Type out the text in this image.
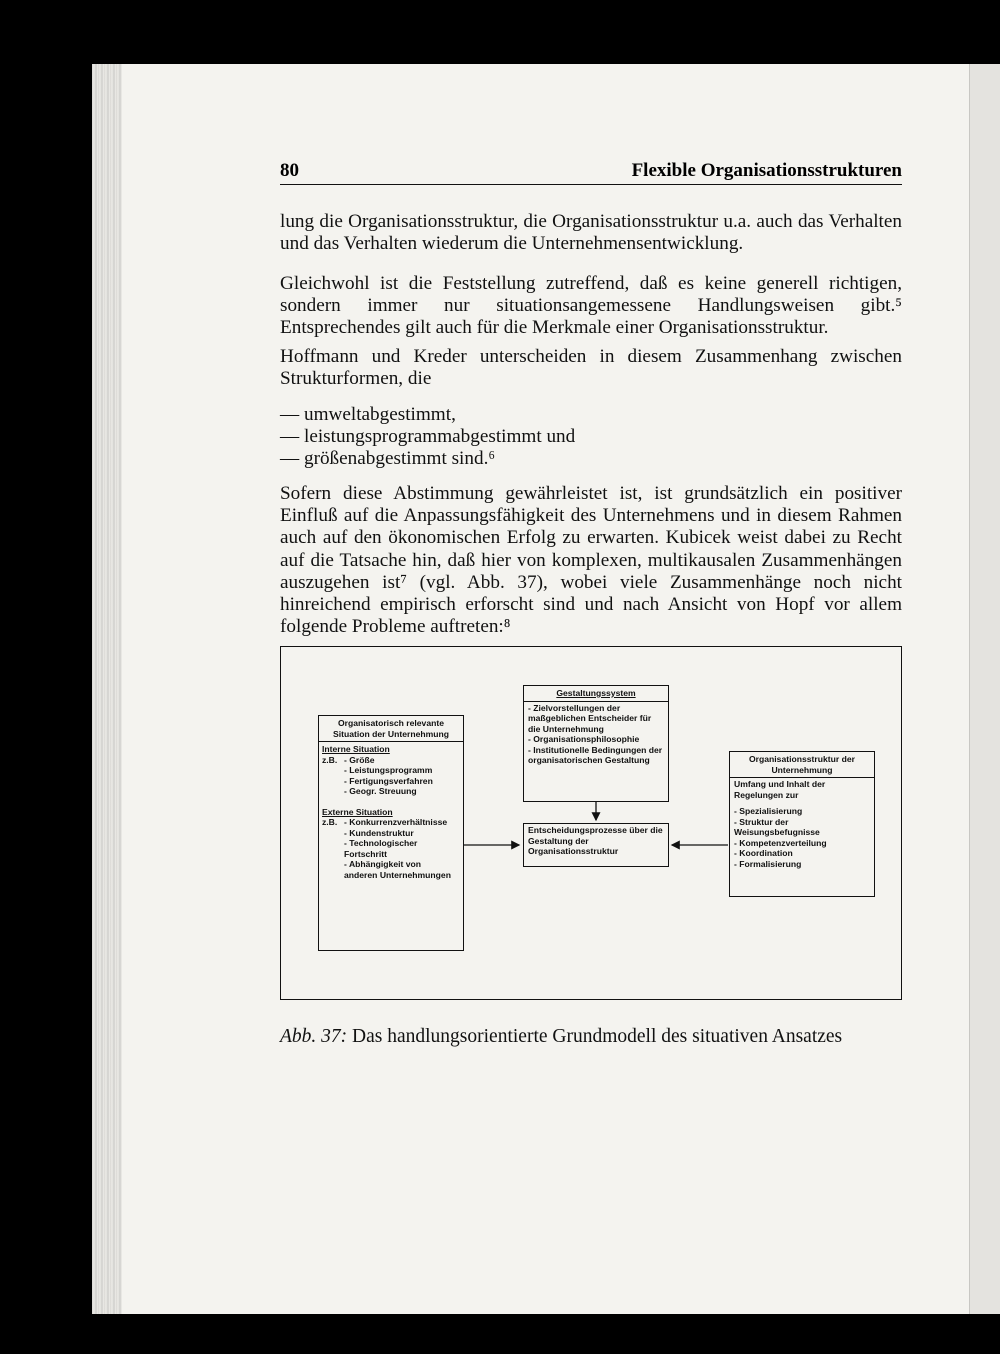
80	Flexible Organisationsstrukturen

lung die Organisationsstruktur, die Organisationsstruktur u.a. auch das Verhalten und das Verhalten wiederum die Unternehmensentwicklung.

Gleichwohl ist die Feststellung zutreffend, daß es keine generell richtigen, sondern immer nur situationsangemessene Handlungsweisen gibt.⁵ Entsprechendes gilt auch für die Merkmale einer Organisationsstruktur.

Hoffmann und Kreder unterscheiden in diesem Zusammenhang zwischen Strukturformen, die

— umweltabgestimmt,
— leistungsprogrammabgestimmt und
— größenabgestimmt sind.⁶

Sofern diese Abstimmung gewährleistet ist, ist grundsätzlich ein positiver Einfluß auf die Anpassungsfähigkeit des Unternehmens und in diesem Rahmen auch auf den ökonomischen Erfolg zu erwarten. Kubicek weist dabei zu Recht auf die Tatsache hin, daß hier von komplexen, multikausalen Zusammenhängen auszugehen ist⁷ (vgl. Abb. 37), wobei viele Zusammenhänge noch nicht hinreichend empirisch erforscht sind und nach Ansicht von Hopf vor allem folgende Probleme auftreten:⁸

Organisatorisch relevante Situation der Unternehmung
Interne Situation
z.B.	- Größe
- Leistungsprogramm
- Fertigungsverfahren
- Geogr. Streuung
Externe Situation
z.B.	- Konkurrenzverhältnisse
- Kundenstruktur
- Technologischer Fortschritt
- Abhängigkeit von anderen Unternehmungen
Gestaltungssystem
- Zielvorstellungen der maßgeblichen Entscheider für die Unternehmung
- Organisationsphilosophie
- Institutionelle Bedingungen der organisatorischen Gestaltung
Entscheidungsprozesse über die Gestaltung der Organisationsstruktur
Organisationsstruktur der Unternehmung
Umfang und Inhalt der Regelungen zur
- Spezialisierung
- Struktur der Weisungsbefugnisse
- Kompetenzverteilung
- Koordination
- Formalisierung
Abb. 37: Das handlungsorientierte Grundmodell des situativen Ansatzes
